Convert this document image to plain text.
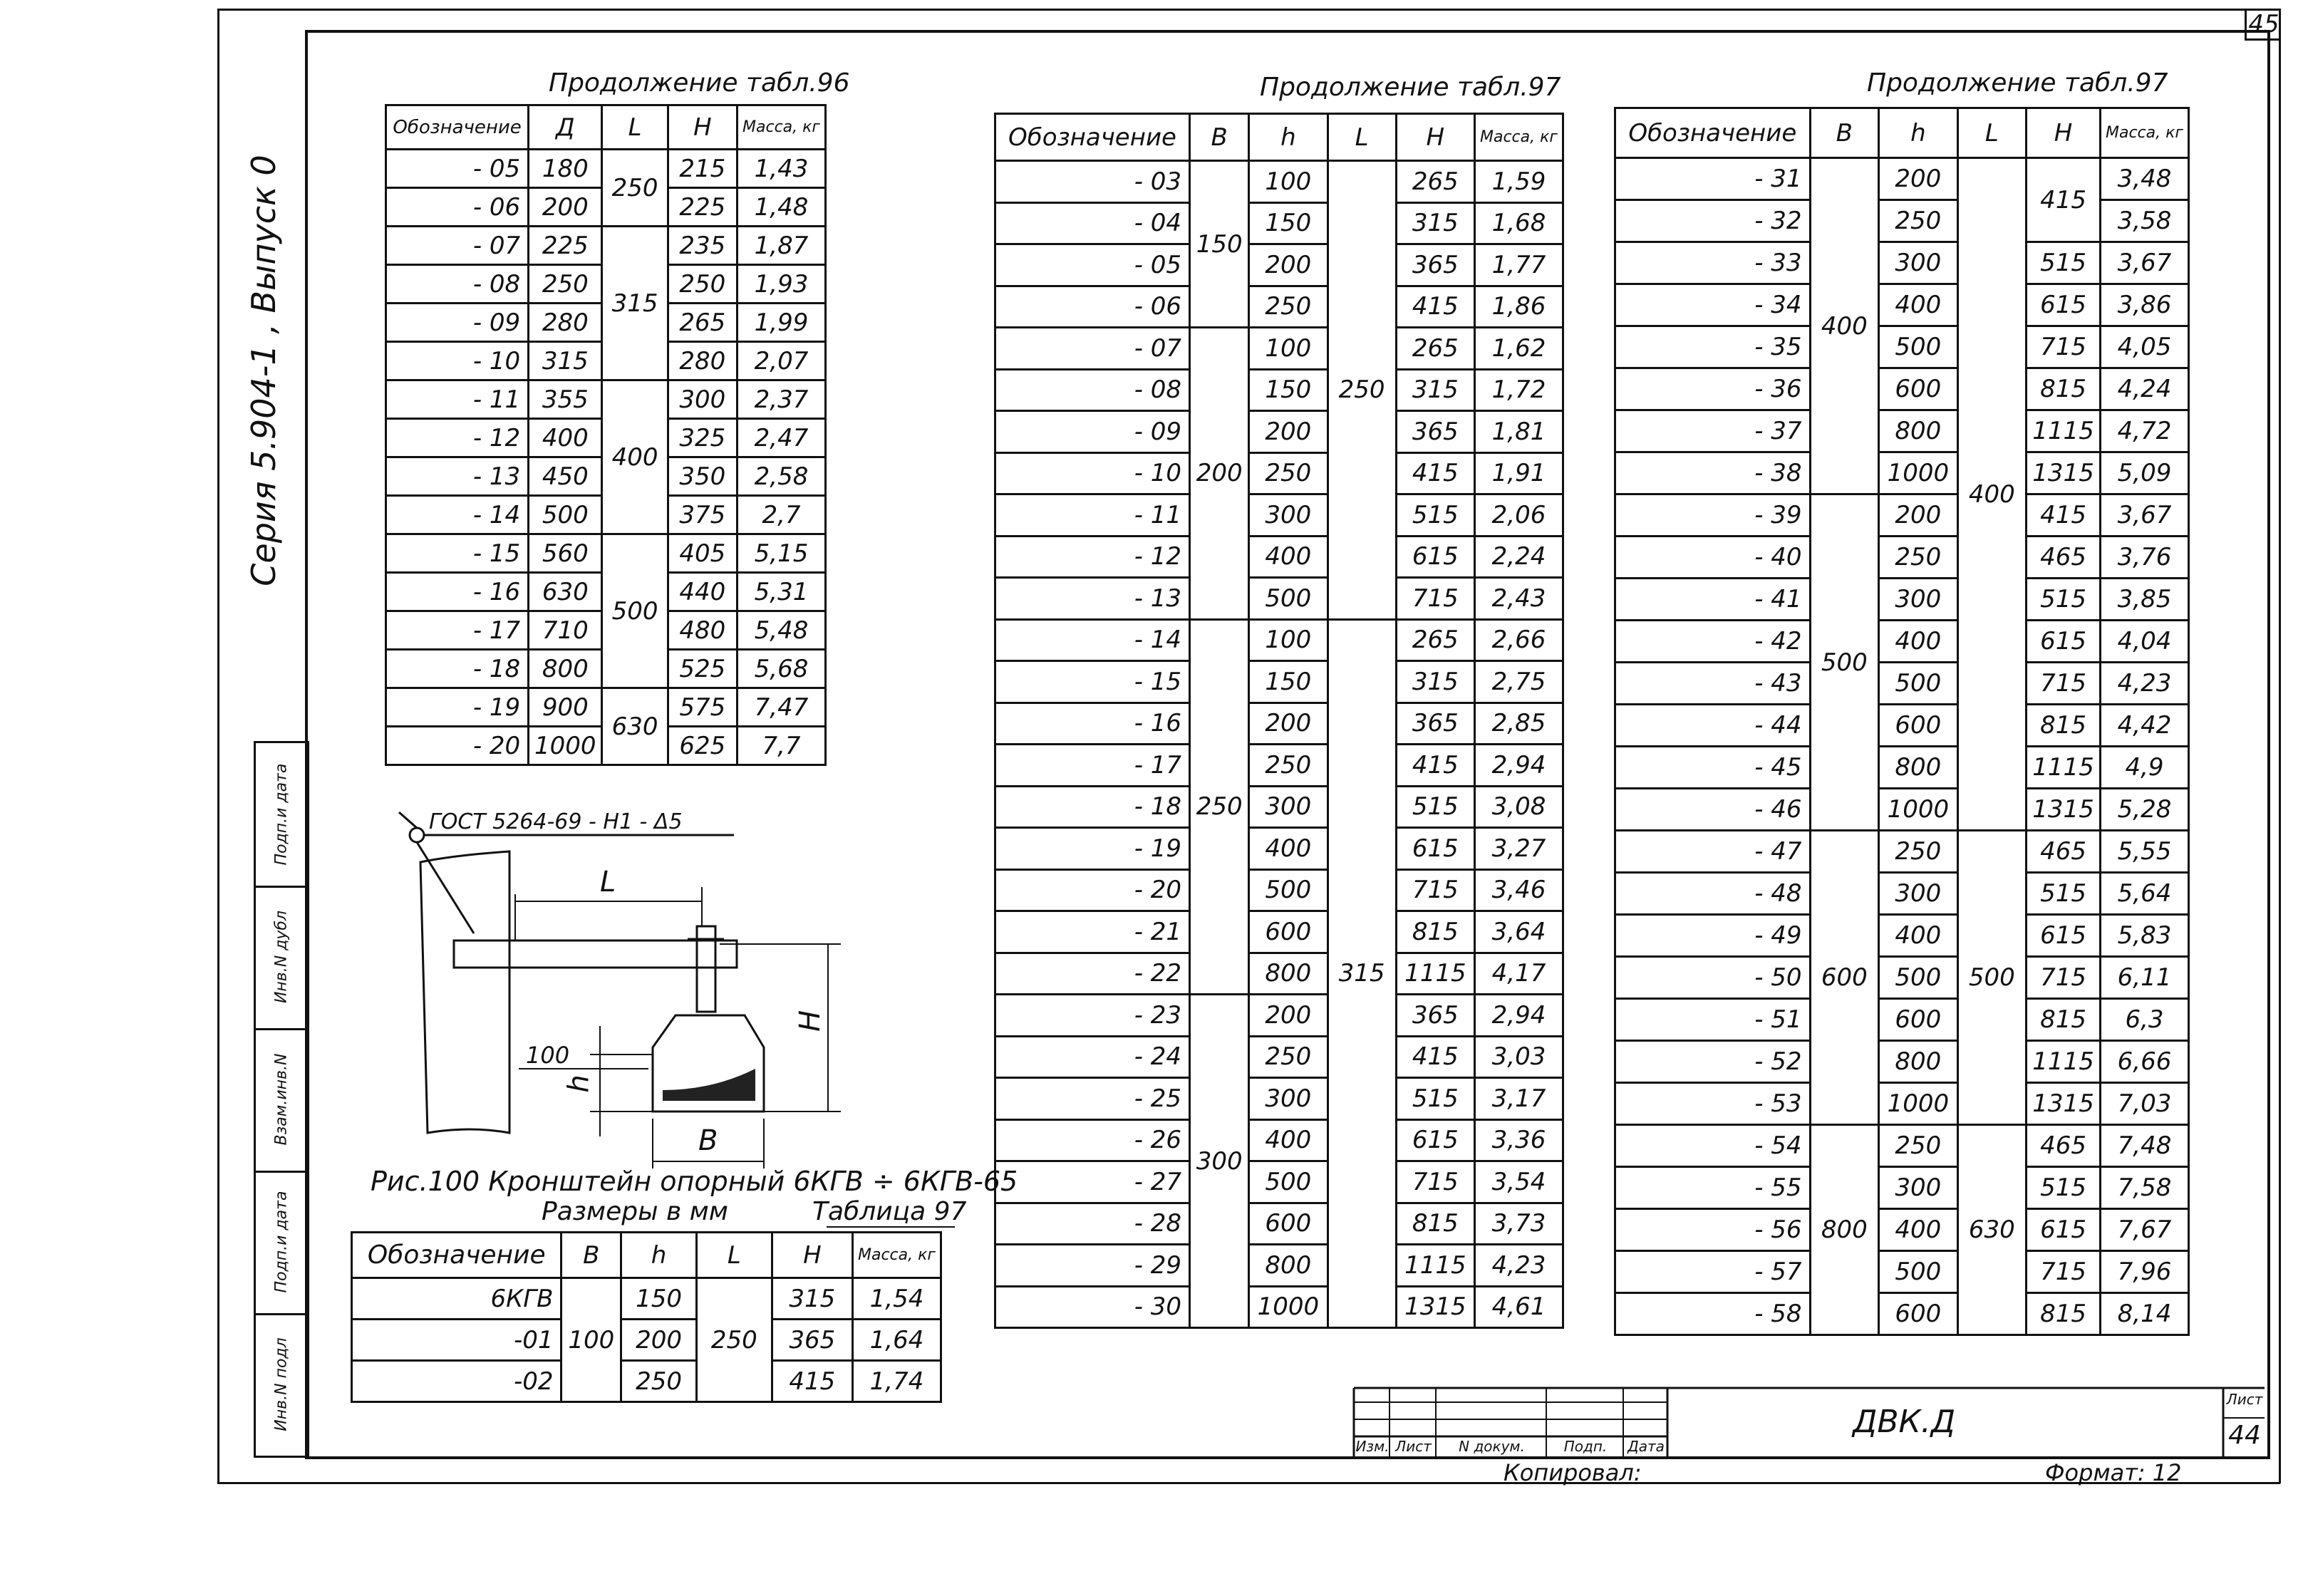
45
Серия 5.904-1 , Выпуск 0
Подп.и дата
Инв.N дубл
Взам.инв.N
Подп.и дата
Инв.N подл
Продолжение табл.96
Обозначение	Д	L	H	Масса, кг
- 05	180	250	215	1,43
- 06	200		225	1,48
- 07	225	315	235	1,87
- 08	250		250	1,93
- 09	280		265	1,99
- 10	315		280	2,07
- 11	355	400	300	2,37
- 12	400		325	2,47
- 13	450		350	2,58
- 14	500		375	2,7
- 15	560	500	405	5,15
- 16	630		440	5,31
- 17	710		480	5,48
- 18	800		525	5,68
- 19	900	630	575	7,47
- 20	1000		625	7,7
ГОСТ 5264-69 - Н1 - Δ5
L
H
h
100
B
Рис.100 Кронштейн опорный 6КГВ ÷ 6КГВ-65
Размеры в мм	Таблица 97
Обозначение	B	h	L	H	Масса, кг
6КГВ	100	150	250	315	1,54
-01		200		365	1,64
-02		250		415	1,74
Продолжение табл.97
Обозначение	B	h	L	H	Масса, кг
- 03	150	100	250	265	1,59
- 04		150		315	1,68
- 05		200		365	1,77
- 06		250		415	1,86
- 07	200	100		265	1,62
- 08		150		315	1,72
- 09		200		365	1,81
- 10		250		415	1,91
- 11		300		515	2,06
- 12		400		615	2,24
- 13		500		715	2,43
- 14	250	100	315	265	2,66
- 15		150		315	2,75
- 16		200		365	2,85
- 17		250		415	2,94
- 18		300		515	3,08
- 19		400		615	3,27
- 20		500		715	3,46
- 21		600		815	3,64
- 22		800		1115	4,17
- 23	300	200		365	2,94
- 24		250		415	3,03
- 25		300		515	3,17
- 26		400		615	3,36
- 27		500		715	3,54
- 28		600		815	3,73
- 29		800		1115	4,23
- 30		1000		1315	4,61
Продолжение табл.97
Обозначение	B	h	L	H	Масса, кг
- 31	400	200	400	415	3,48
- 32		250			3,58
- 33		300		515	3,67
- 34		400		615	3,86
- 35		500		715	4,05
- 36		600		815	4,24
- 37		800		1115	4,72
- 38		1000		1315	5,09
- 39	500	200		415	3,67
- 40		250		465	3,76
- 41		300		515	3,85
- 42		400		615	4,04
- 43		500		715	4,23
- 44		600		815	4,42
- 45		800		1115	4,9
- 46		1000		1315	5,28
- 47	600	250	500	465	5,55
- 48		300		515	5,64
- 49		400		615	5,83
- 50		500		715	6,11
- 51		600		815	6,3
- 52		800		1115	6,66
- 53		1000		1315	7,03
- 54	800	250	630	465	7,48
- 55		300		515	7,58
- 56		400		615	7,67
- 57		500		715	7,96
- 58		600		815	8,14
Изм. Лист	N докум.	Подп.	Дата
ДВК.Д
Лист
44
Копировал:	Формат: 12
